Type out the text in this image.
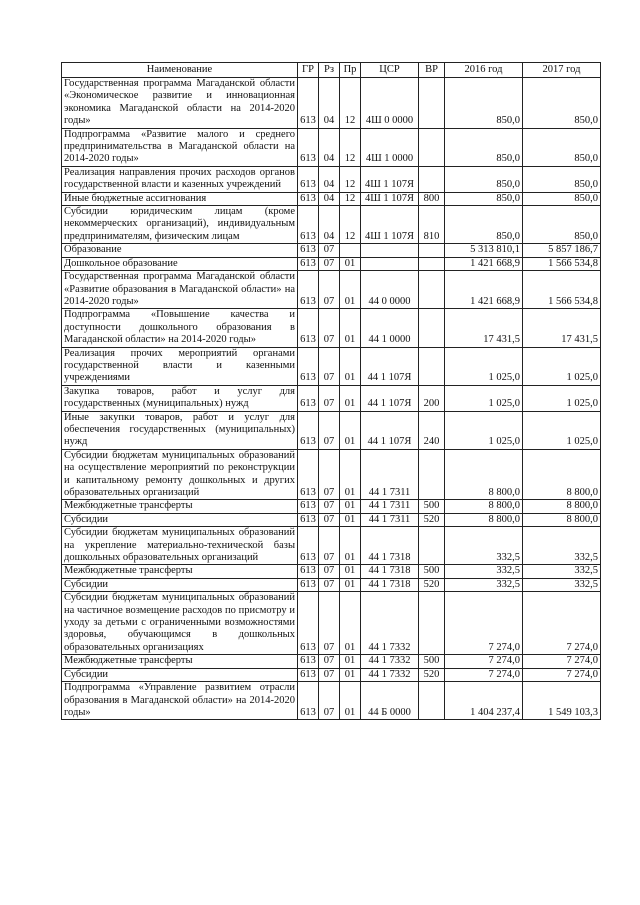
Наименование	ГР	Рз	Пр	ЦСР	ВР	2016 год	2017 год
Государственная программа Магаданской области «Экономическое развитие и инновационная экономика Магаданской области на 2014-2020 годы»	613	04	12	4Ш 0 0000		850,0	850,0
Подпрограмма «Развитие малого и среднего предпринимательства в Магаданской области на 2014-2020 годы»	613	04	12	4Ш 1 0000		850,0	850,0
Реализация направления прочих расходов органов государственной власти и казенных учреждений	613	04	12	4Ш 1 107Я		850,0	850,0
Иные бюджетные ассигнования	613	04	12	4Ш 1 107Я	800	850,0	850,0
Субсидии юридическим лицам (кроме некоммерческих организаций), индивидуальным предпринимателям, физическим лицам	613	04	12	4Ш 1 107Я	810	850,0	850,0
Образование	613	07				5 313 810,1	5 857 186,7
Дошкольное образование	613	07	01			1 421 668,9	1 566 534,8
Государственная программа Магаданской области «Развитие образования в Магаданской области» на 2014-2020 годы»	613	07	01	44 0 0000		1 421 668,9	1 566 534,8
Подпрограмма «Повышение качества и доступности дошкольного образования в Магаданской области» на 2014-2020 годы»	613	07	01	44 1 0000		17 431,5	17 431,5
Реализация прочих мероприятий органами государственной власти и казенными учреждениями	613	07	01	44 1 107Я		1 025,0	1 025,0
Закупка товаров, работ и услуг для государственных (муниципальных) нужд	613	07	01	44 1 107Я	200	1 025,0	1 025,0
Иные закупки товаров, работ и услуг для обеспечения государственных (муниципальных) нужд	613	07	01	44 1 107Я	240	1 025,0	1 025,0
Субсидии бюджетам муниципальных образований на осуществление мероприятий по реконструкции и капитальному ремонту дошкольных и других образовательных организаций	613	07	01	44 1 7311		8 800,0	8 800,0
Межбюджетные трансферты	613	07	01	44 1 7311	500	8 800,0	8 800,0
Субсидии	613	07	01	44 1 7311	520	8 800,0	8 800,0
Субсидии бюджетам муниципальных образований на укрепление материально-технической базы дошкольных образовательных организаций	613	07	01	44 1 7318		332,5	332,5
Межбюджетные трансферты	613	07	01	44 1 7318	500	332,5	332,5
Субсидии	613	07	01	44 1 7318	520	332,5	332,5
Субсидии бюджетам муниципальных образований на частичное возмещение расходов по присмотру и уходу за детьми с ограниченными возможностями здоровья, обучающимся в дошкольных образовательных организациях	613	07	01	44 1 7332		7 274,0	7 274,0
Межбюджетные трансферты	613	07	01	44 1 7332	500	7 274,0	7 274,0
Субсидии	613	07	01	44 1 7332	520	7 274,0	7 274,0
Подпрограмма «Управление развитием отрасли образования в Магаданской области» на 2014-2020 годы»	613	07	01	44 Б 0000		1 404 237,4	1 549 103,3
